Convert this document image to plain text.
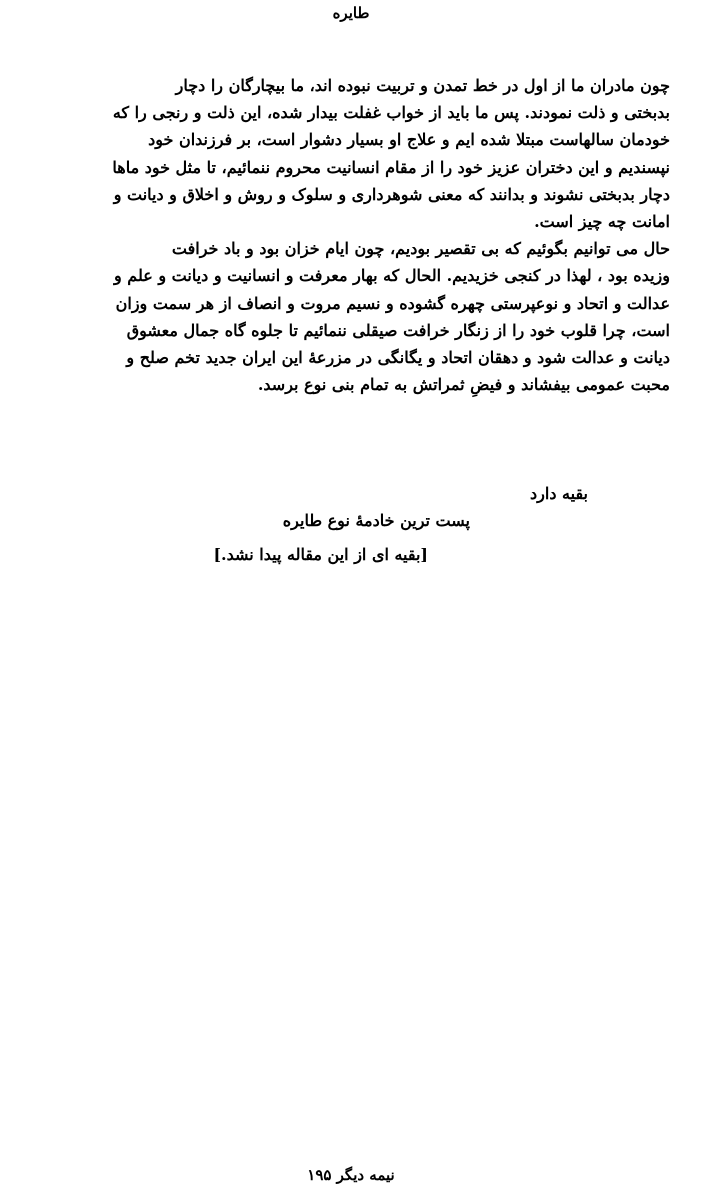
طايره

چون مادران ما از اول در خط تمدن و تربیت نبوده اند، ما بیچارگان را دچار
بدبختی و ذلت نمودند. پس ما باید از خواب غفلت بیدار شده، این ذلت و رنجی را که
خودمان سالهاست مبتلا شده ایم و علاج او بسیار دشوار است، بر فرزندان خود
نپسندیم و این دختران عزیز خود را از مقام انسانیت محروم ننمائیم، تا مثل خود ماها
دچار بدبختی نشوند و بدانند که معنی شوهرداری و سلوک و روش و اخلاق و دیانت و
امانت چه چیز است.

حال می توانیم بگوئیم که بی تقصیر بودیم، چون ایام خزان بود و باد خرافت
وزیده بود ، لهذا در کنجی خزیدیم. الحال که بهار معرفت و انسانیت و دیانت و علم و
عدالت و اتحاد و نوعپرستی چهره گشوده و نسیم مروت و انصاف از هر سمت وزان
است، چرا قلوب خود را از زنگار خرافت صیقلی ننمائیم تا جلوه گاه جمال معشوق
دیانت و عدالت شود و دهقان اتحاد و یگانگی در مزرعهٔ این ایران جدید تخم صلح و
محبت عمومی بیفشاند و فیضِ ثمراتش به تمام بنی نوع برسد.

بقیه دارد
پست ترین خادمهٔ نوع طایره
[بقیه ای از این مقاله پیدا نشد.]
نیمه دیگر ۱۹۵
